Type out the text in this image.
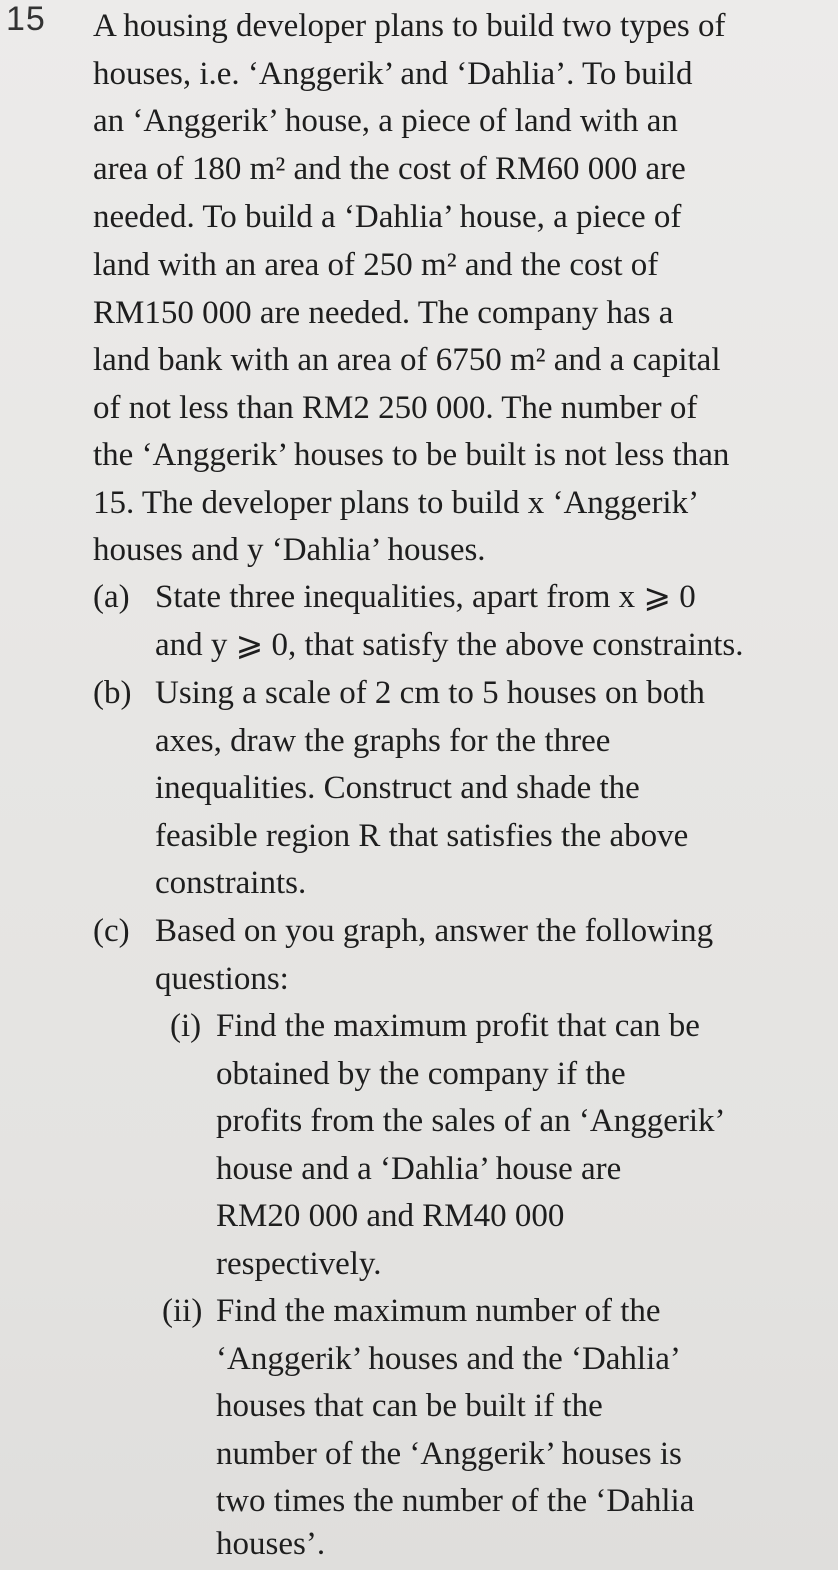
15 A housing developer plans to build two types of
houses, i.e. ‘Anggerik’ and ‘Dahlia’. To build
an ‘Anggerik’ house, a piece of land with an
area of 180 m² and the cost of RM60 000 are
needed. To build a ‘Dahlia’ house, a piece of
land with an area of 250 m² and the cost of
RM150 000 are needed. The company has a
land bank with an area of 6750 m² and a capital
of not less than RM2 250 000. The number of
the ‘Anggerik’ houses to be built is not less than
15. The developer plans to build x ‘Anggerik’
houses and y ‘Dahlia’ houses.
(a) State three inequalities, apart from x ⩾ 0
and y ⩾ 0, that satisfy the above constraints.
(b) Using a scale of 2 cm to 5 houses on both
axes, draw the graphs for the three
inequalities. Construct and shade the
feasible region R that satisfies the above
constraints.
(c) Based on you graph, answer the following
questions:
(i) Find the maximum profit that can be
obtained by the company if the
profits from the sales of an ‘Anggerik’
house and a ‘Dahlia’ house are
RM20 000 and RM40 000
respectively.
(ii) Find the maximum number of the
‘Anggerik’ houses and the ‘Dahlia’
houses that can be built if the
number of the ‘Anggerik’ houses is
two times the number of the ‘Dahlia
houses’.
